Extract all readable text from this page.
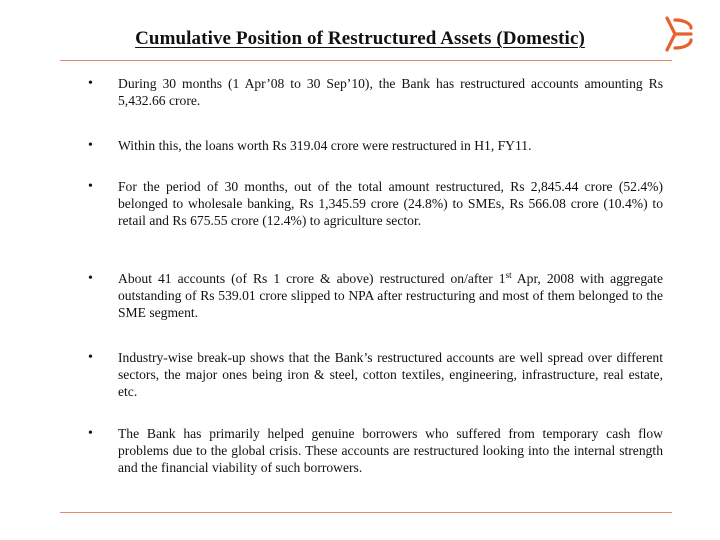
Cumulative Position of Restructured Assets (Domestic)
• During 30 months (1 Apr’08 to 30 Sep’10), the Bank has restructured accounts amounting Rs 5,432.66 crore.
• Within this, the loans worth Rs 319.04 crore were restructured in H1, FY11.
• For the period of 30 months, out of the total amount restructured, Rs 2,845.44 crore (52.4%) belonged to wholesale banking, Rs 1,345.59 crore (24.8%) to SMEs, Rs 566.08 crore (10.4%) to retail and Rs 675.55 crore (12.4%) to agriculture sector.
• About 41 accounts (of Rs 1 crore & above) restructured on/after 1st Apr, 2008 with aggregate outstanding of Rs 539.01 crore slipped to NPA after restructuring and most of them belonged to the SME segment.
• Industry-wise break-up shows that the Bank’s restructured accounts are well spread over different sectors, the major ones being iron & steel, cotton textiles, engineering, infrastructure, real estate, etc.
• The Bank has primarily helped genuine borrowers who suffered from temporary cash flow problems due to the global crisis. These accounts are restructured looking into the internal strength and the financial viability of such borrowers.
